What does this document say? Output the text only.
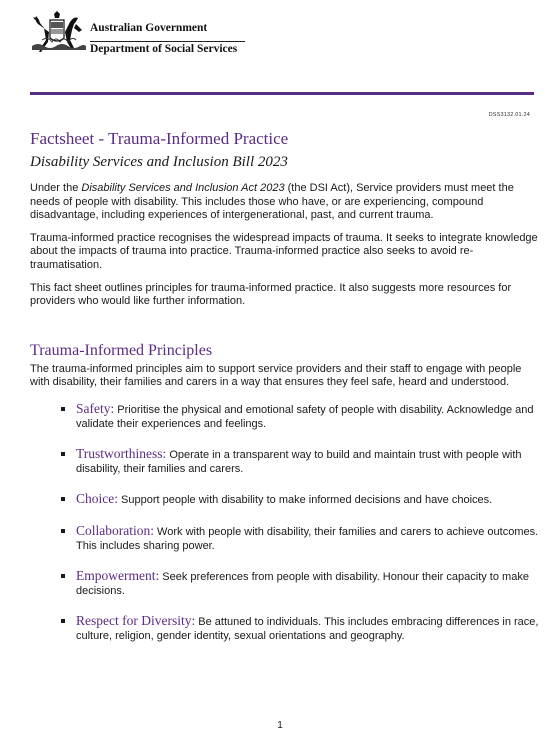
Australian Government
Department of Social Services
DSS3132.01.24
Factsheet - Trauma-Informed Practice
Disability Services and Inclusion Bill 2023

Under the Disability Services and Inclusion Act 2023 (the DSI Act), Service providers must meet the needs of people with disability. This includes those who have, or are experiencing, compound disadvantage, including experiences of intergenerational, past, and current trauma.

Trauma-informed practice recognises the widespread impacts of trauma. It seeks to integrate knowledge about the impacts of trauma into practice. Trauma-informed practice also seeks to avoid re-traumatisation.

This fact sheet outlines principles for trauma-informed practice. It also suggests more resources for providers who would like further information.

Trauma-Informed Principles

The trauma-informed principles aim to support service providers and their staff to engage with people with disability, their families and carers in a way that ensures they feel safe, heard and understood.

Safety: Prioritise the physical and emotional safety of people with disability. Acknowledge and validate their experiences and feelings.
Trustworthiness: Operate in a transparent way to build and maintain trust with people with disability, their families and carers.
Choice: Support people with disability to make informed decisions and have choices.
Collaboration: Work with people with disability, their families and carers to achieve outcomes. This includes sharing power.
Empowerment: Seek preferences from people with disability. Honour their capacity to make decisions.
Respect for Diversity: Be attuned to individuals. This includes embracing differences in race, culture, religion, gender identity, sexual orientations and geography.
1
